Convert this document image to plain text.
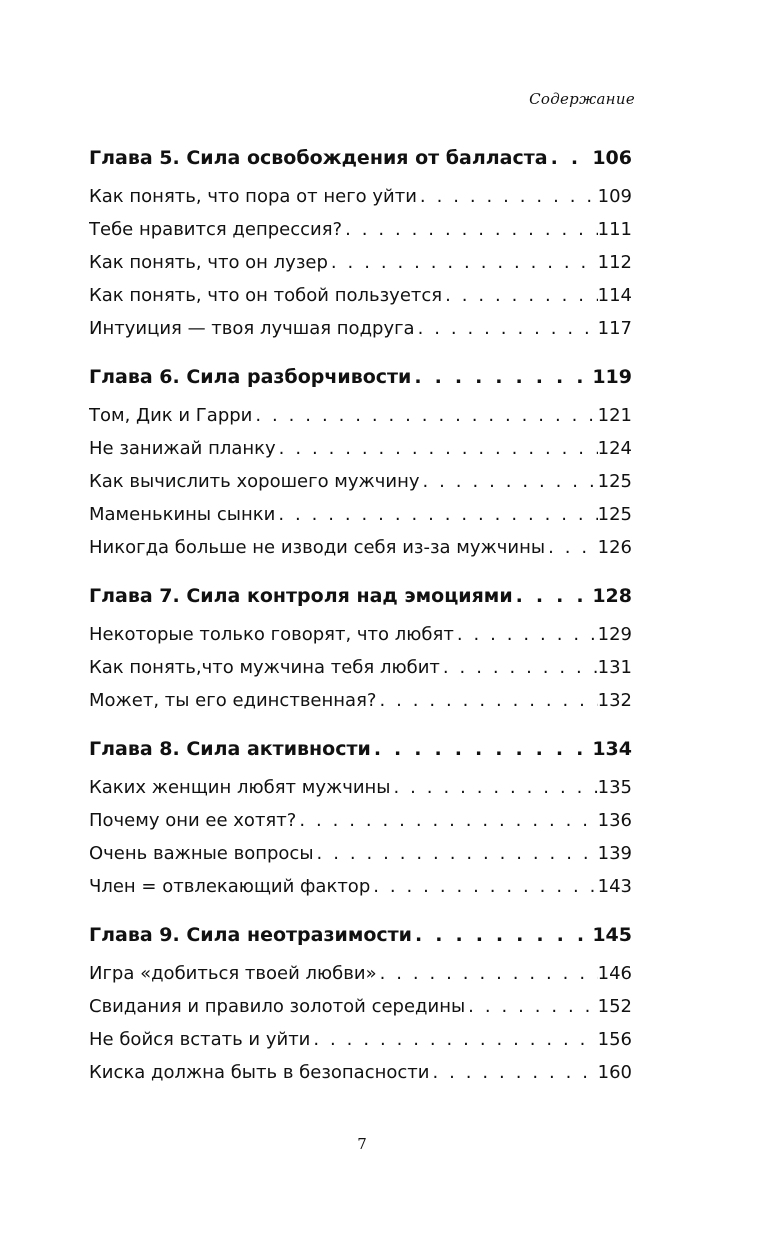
Содержание
Глава 5. Сила освобождения от балласта . . . 106
Как понять, что пора от него уйти . . .	109
Тебе нравится депрессия? . . .	111
Как понять, что он лузер . . .	112
Как понять, что он тобой пользуется . . .	114
Интуиция — твоя лучшая подруга . . .	117
Глава 6. Сила разборчивости . . .	119
Том, Дик и Гарри . . .	121
Не занижай планку . . .	124
Как вычислить хорошего мужчину . . .	125
Маменькины сынки . . .	125
Никогда больше не изводи себя из-за мужчины . . .	126
Глава 7. Сила контроля над эмоциями . . .	128
Некоторые только говорят, что любят . . .	129
Как понять,что мужчина тебя любит . . .	131
Может, ты его единственная? . . .	132
Глава 8. Сила активности . . .	134
Каких женщин любят мужчины . . .	135
Почему они ее хотят? . . .	136
Очень важные вопросы . . .	139
Член = отвлекающий фактор . . .	143
Глава 9. Сила неотразимости . . .	145
Игра «добиться твоей любви» . . .	146
Свидания и правило золотой середины . . .	152
Не бойся встать и уйти . . .	156
Киска должна быть в безопасности . . .	160
7
